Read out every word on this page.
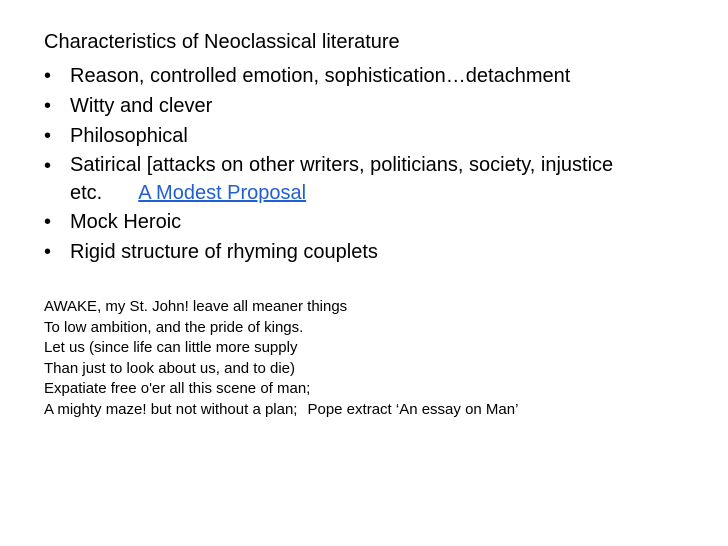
Characteristics of Neoclassical literature
• Reason, controlled emotion, sophistication…detachment
• Witty and clever
• Philosophical
• Satirical [attacks on other writers, politicians, society, injustice
etc. A Modest Proposal
• Mock Heroic
• Rigid structure of rhyming couplets
AWAKE, my St. John! leave all meaner things
To low ambition, and the pride of kings.
Let us (since life can little more supply
Than just to look about us, and to die)
Expatiate free o'er all this scene of man;
A mighty maze! but not without a plan; Pope extract ‘An essay on Man’
